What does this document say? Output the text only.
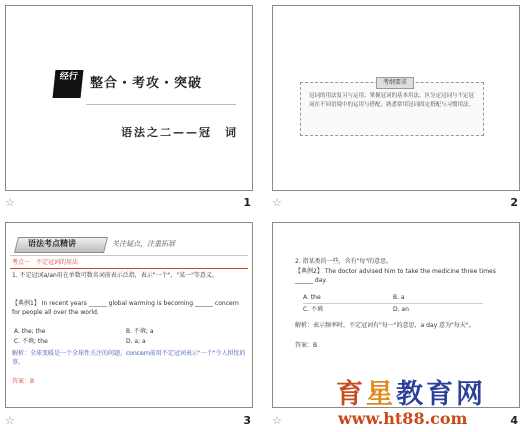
经行 整合・考攻・突破
语法之二——冠　词
☆	1
考纲要求
冠词的用法复习与运用。掌握冠词的基本用法，区分定冠词与不定冠词在不同语境中的运用与搭配，熟悉常用冠词固定搭配与习惯用法。
☆	2
语法考点精讲	关注疑点，注重拓展
考点一　不定冠词的用法
1. 不定冠词a/an用在单数可数名词前表示泛指，表示"一个"，"某一"等意义。
【典例1】 In recent years ______ global warming is becoming ______ concern for people all over the world.
A. the; the	B. 不填; a
C. 不填; the	D. a; a
解析：全球变暖是一个全球性关注的问题，concern前用不定冠词表示"一个"令人担忧的事。
答案：B
☆	3
2. 指某类的一些，含有"每"的意思。
【典例2】 The doctor advised him to take the medicine three times ______ day.
A. the	B. a
C. 不填	D. an
解析：表示频率时，不定冠词有"每一"的意思，a day 意为"每天"。
答案：B
☆	4
育星教育网
www.ht88.com
